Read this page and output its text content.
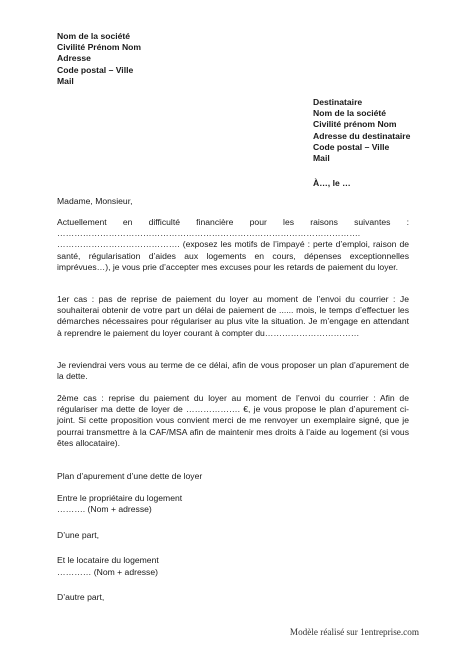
Nom de la société
Civilité Prénom Nom
Adresse
Code postal – Ville
Mail
Destinataire
Nom de la société
Civilité prénom Nom
Adresse du destinataire
Code postal – Ville
Mail
À…, le …
Madame, Monsieur,

Actuellement en difficulté financière pour les raisons suivantes : ……………………………………………………………………………………………. ……………………………………. (exposez les motifs de l’impayé : perte d’emploi, raison de santé, régularisation d’aides aux logements en cours, dépenses exceptionnelles imprévues…), je vous prie d’accepter mes excuses pour les retards de paiement du loyer.

1er cas : pas de reprise de paiement du loyer au moment de l’envoi du courrier : Je souhaiterai obtenir de votre part un délai de paiement de ...... mois, le temps d’effectuer les démarches nécessaires pour régulariser au plus vite la situation. Je m’engage en attendant à reprendre le paiement du loyer courant à compter du……………………………

Je reviendrai vers vous au terme de ce délai, afin de vous proposer un plan d’apurement de la dette.

2ème cas : reprise du paiement du loyer au moment de l’envoi du courrier : Afin de régulariser ma dette de loyer de ………………. €, je vous propose le plan d’apurement ci-joint. Si cette proposition vous convient merci de me renvoyer un exemplaire signé, que je pourrai transmettre à la CAF/MSA afin de maintenir mes droits à l’aide au logement (si vous êtes allocataire).

Plan d’apurement d’une dette de loyer

Entre le propriétaire du logement

………. (Nom + adresse)

D’une part,

Et le locataire du logement

………… (Nom + adresse)

D’autre part,

Modèle réalisé sur 1entreprise.com
